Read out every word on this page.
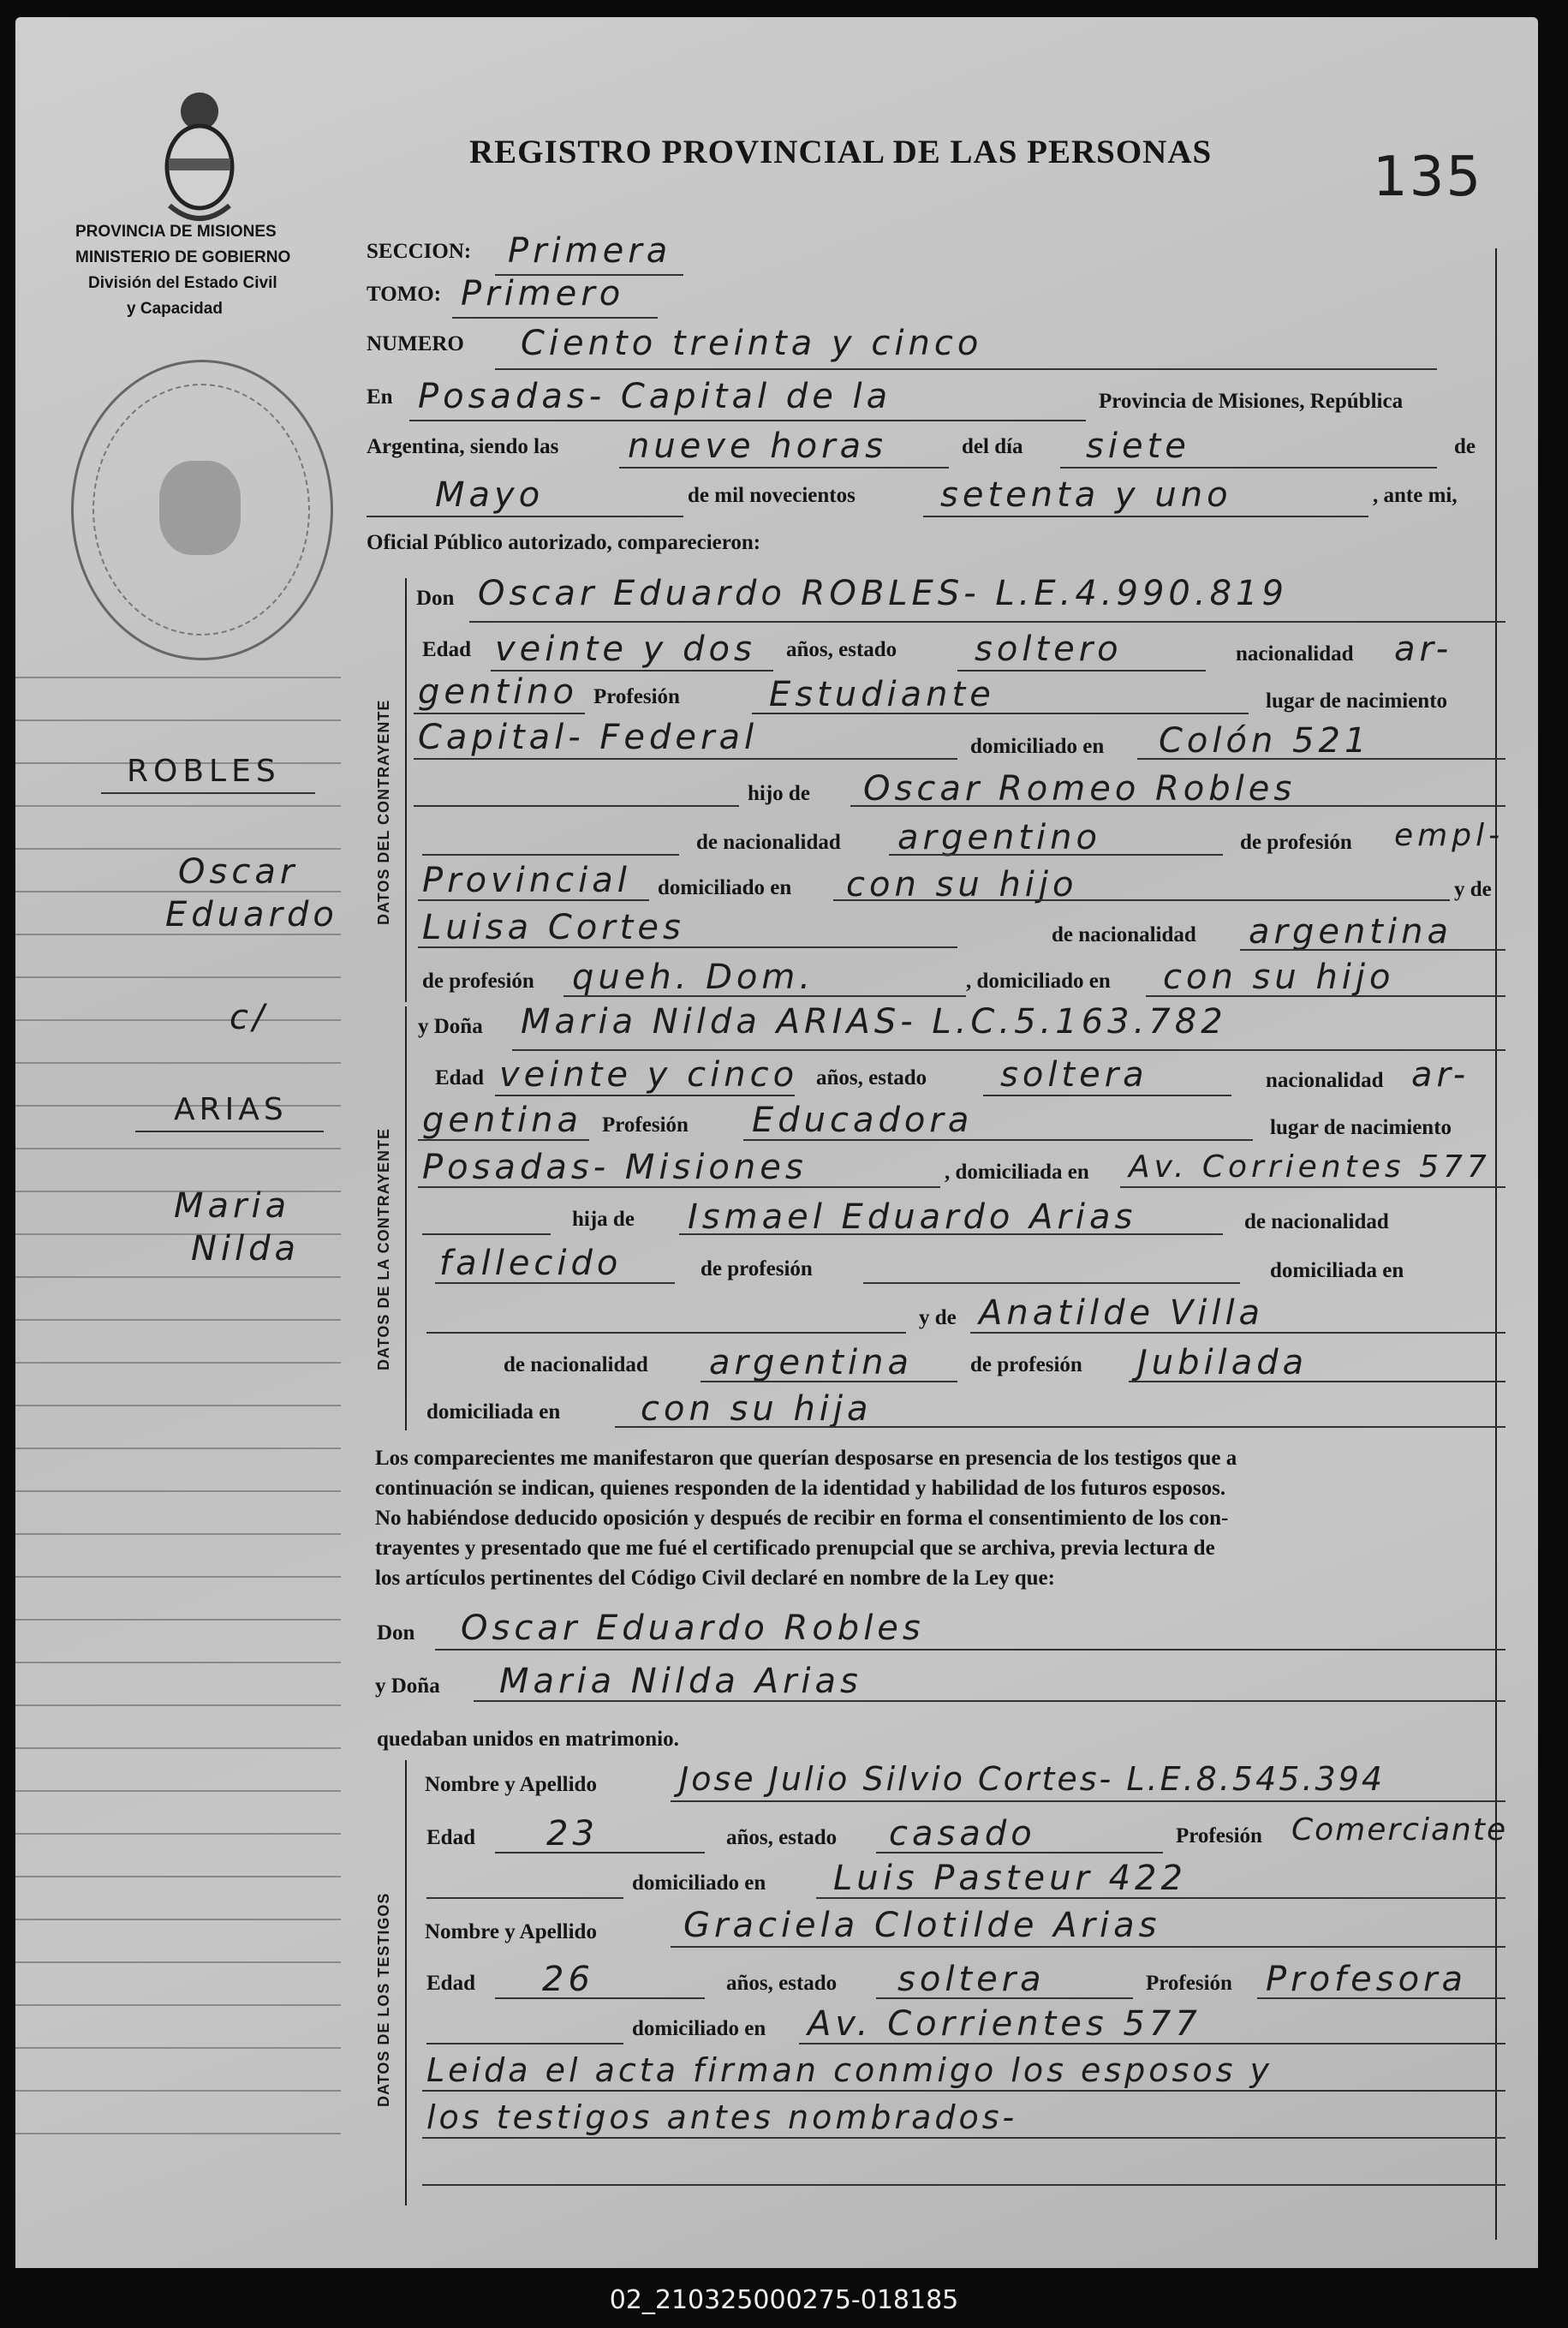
PROVINCIA DE MISIONES
MINISTERIO DE GOBIERNO
División del Estado Civil
y Capacidad
REGISTRO PROVINCIAL DE LAS PERSONAS	135
ROBLES
Oscar
Eduardo
c/
ARIAS
Maria
Nilda
SECCION: Primera
TOMO: Primero
NUMERO Ciento treinta y cinco
En Posadas- Capital de la	Provincia de Misiones, República
Argentina, siendo las nueve horas	del día siete	de
Mayo	de mil novecientos setenta y uno	, ante mi,
Oficial Público autorizado, comparecieron:
DATOS DEL CONTRAYENTE
Don Oscar Eduardo ROBLES- L.E.4.990.819
Edad veinte y dos años, estado soltero	nacionalidad ar-
gentino Profesión	Estudiante	lugar de nacimiento
Capital- Federal	domiciliado en Colón 521
hijo de Oscar Romeo Robles
de nacionalidad argentino	de profesión empl-
Provincial domiciliado en con su hijo	y de
Luisa Cortes	de nacionalidad argentina
de profesión queh. Dom.	, domiciliado en con su hijo
DATOS DE LA CONTRAYENTE
y Doña Maria Nilda ARIAS- L.C.5.163.782
Edad veinte y cinco años, estado soltera	nacionalidad ar-
gentina Profesión Educadora	lugar de nacimiento
Posadas- Misiones	, domiciliada en Av. Corrientes 577
hija de Ismael Eduardo Arias	de nacionalidad
fallecido	de profesión	domiciliada en
y de Anatilde Villa
de nacionalidad argentina	de profesión Jubilada
domiciliada en con su hija
Los comparecientes me manifestaron que querían desposarse en presencia de los testigos que a
continuación se indican, quienes responden de la identidad y habilidad de los futuros esposos.
No habiéndose deducido oposición y después de recibir en forma el consentimiento de los con-
trayentes y presentado que me fué el certificado prenupcial que se archiva, previa lectura de
los artículos pertinentes del Código Civil declaré en nombre de la Ley que:
Don Oscar Eduardo Robles
y Doña Maria Nilda Arias
quedaban unidos en matrimonio.
DATOS DE LOS TESTIGOS
Nombre y Apellido	Jose Julio Silvio Cortes- L.E.8.545.394
Edad 23	años, estado casado	Profesión Comerciante
domiciliado en Luis Pasteur 422
Nombre y Apellido	Graciela Clotilde Arias
Edad 26	años, estado soltera	Profesión Profesora
domiciliado en Av. Corrientes 577
Leida el acta firman conmigo los esposos y
los testigos antes nombrados-
02_210325000275-018185
